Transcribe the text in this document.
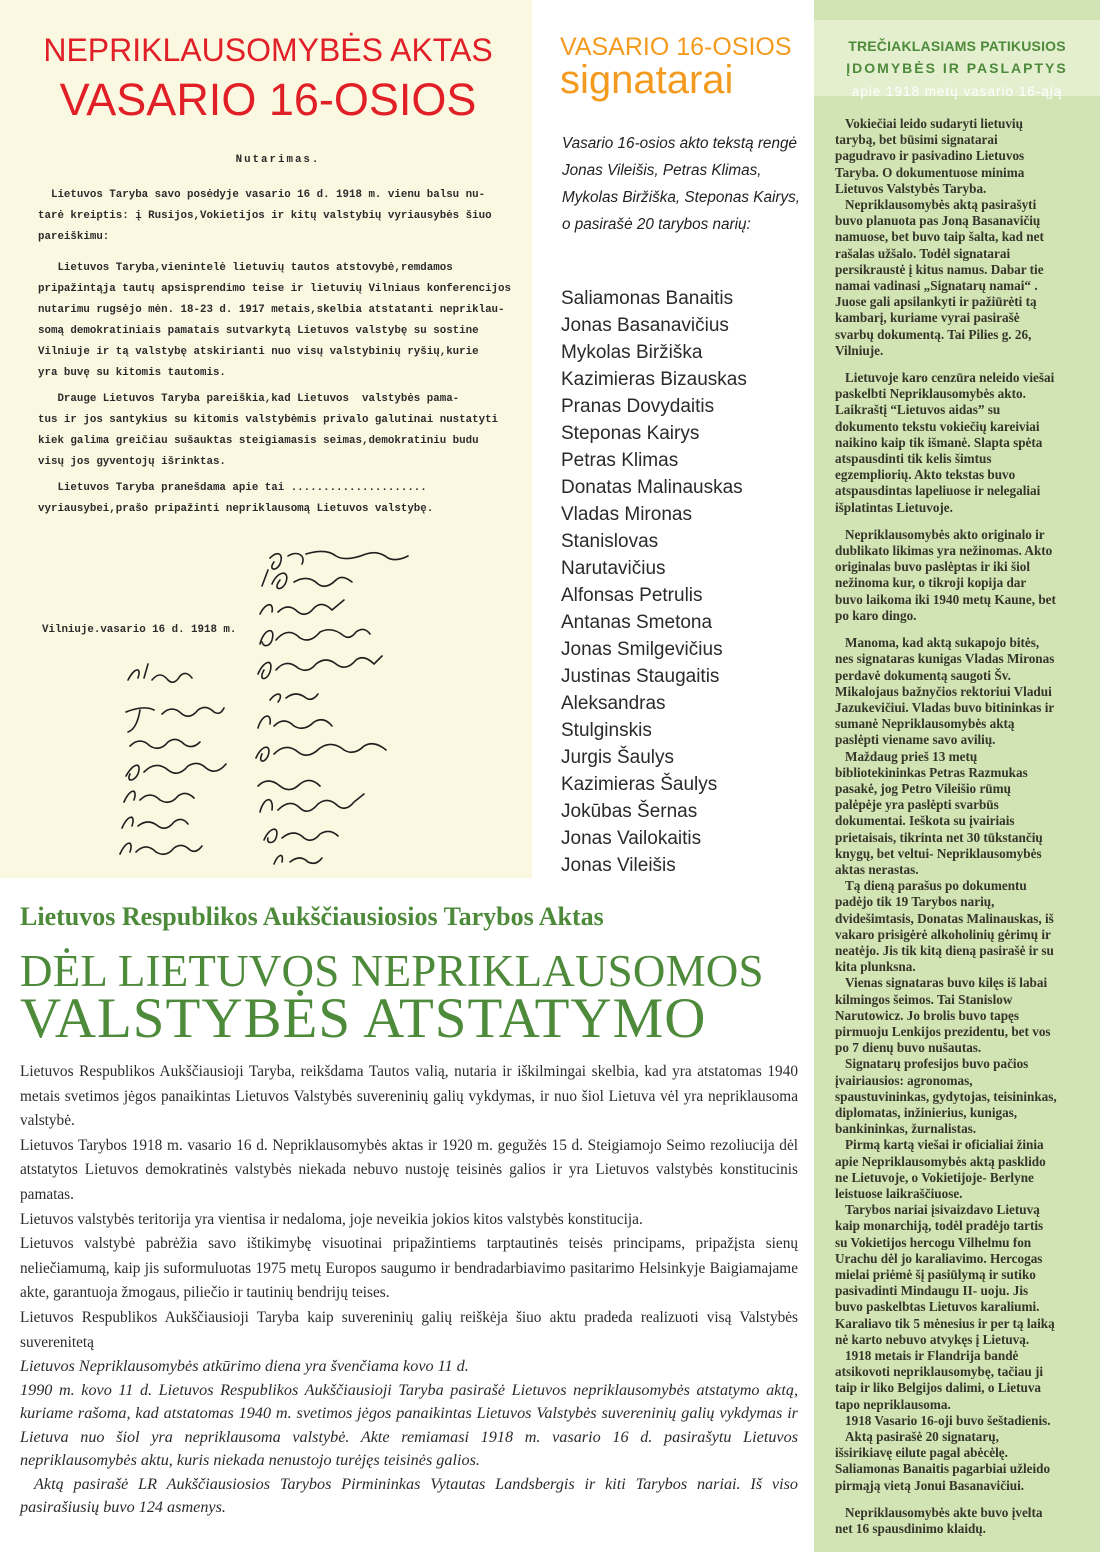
NEPRIKLAUSOMYBĖS AKTAS
VASARIO 16-OSIOS

Nutarimas.

Lietuvos Taryba savo posėdyje vasario 16 d. 1918 m. vienu balsu nu-

tarė kreiptis: į Rusijos,Vokietijos ir kitų valstybių vyriausybės šiuo

pareiškimu:

Lietuvos Taryba,vienintelė lietuvių tautos atstovybė,remdamos

pripažintąja tautų apsisprendimo teise ir lietuvių Vilniaus konferencijos

nutarimu rugsėjo mėn. 18-23 d. 1917 metais,skelbia atstatanti nepriklau-

somą demokratiniais pamatais sutvarkytą Lietuvos valstybę su sostine

Vilniuje ir tą valstybę atskirianti nuo visų valstybinių ryšių,kurie

yra buvę su kitomis tautomis.

Drauge Lietuvos Taryba pareiškia,kad Lietuvos  valstybės pama-

tus ir jos santykius su kitomis valstybėmis privalo galutinai nustatyti

kiek galima greičiau sušauktas steigiamasis seimas,demokratiniu budu

visų jos gyventojų išrinktas.

Lietuvos Taryba pranešdama apie tai .....................

vyriausybei,prašo pripažinti nepriklausomą Lietuvos valstybę.

Vilniuje.vasario 16 d. 1918 m.
VASARIO 16-OSIOS
signatarai
Vasario 16-osios akto tekstą rengė Jonas Vileišis, Petras Klimas, Mykolas Biržiška, Steponas Kairys, o pasirašė 20 tarybos narių:
Saliamonas Banaitis
Jonas Basanavičius
Mykolas Biržiška
Kazimieras Bizauskas
Pranas Dovydaitis
Steponas Kairys
Petras Klimas
Donatas Malinauskas
Vladas Mironas
Stanislovas
Narutavičius
Alfonsas Petrulis
Antanas Smetona
Jonas Smilgevičius
Justinas Staugaitis
Aleksandras
Stulginskis
Jurgis Šaulys
Kazimieras Šaulys
Jokūbas Šernas
Jonas Vailokaitis
Jonas Vileišis
TREČIAKLASIAMS PATIKUSIOS
ĮDOMYBĖS IR PASLAPTYS
apie 1918 metų vasario 16-ąją

Vokiečiai leido sudaryti lietuvių tarybą, bet būsimi signatarai pagudravo ir pasivadino Lietuvos Taryba. O dokumentuose minima Lietuvos Valstybės Taryba.

Nepriklausomybės aktą pasirašyti buvo planuota pas Joną Basanavičių namuose, bet buvo taip šalta, kad net rašalas užšalo. Todėl signatarai persikraustė į kitus namus. Dabar tie namai vadinasi „Signatarų namai“ . Juose gali apsilankyti ir pažiūrėti tą kambarį, kuriame vyrai pasirašė svarbų dokumentą. Tai Pilies g. 26, Vilniuje.

Lietuvoje karo cenzūra neleido viešai paskelbti Nepriklausomybės akto. Laikraštį “Lietuvos aidas” su dokumento tekstu vokiečių kareiviai naikino kaip tik išmanė. Slapta spėta atspausdinti tik kelis šimtus egzempliorių. Akto tekstas buvo atspausdintas lapeliuose ir nelegaliai išplatintas Lietuvoje.

Nepriklausomybės akto originalo ir dublikato likimas yra nežinomas. Akto originalas buvo paslėptas ir iki šiol nežinoma kur, o tikroji kopija dar buvo laikoma iki 1940 metų Kaune, bet po karo dingo.

Manoma, kad aktą sukapojo bitės, nes signataras kunigas Vladas Mironas perdavė dokumentą saugoti Šv. Mikalojaus bažnyčios rektoriui Vladui Jazukevičiui. Vladas buvo bitininkas ir sumanė Nepriklausomybės aktą paslėpti viename savo avilių.

Maždaug prieš 13 metų bibliotekininkas Petras Razmukas pasakė, jog Petro Vileišio rūmų palėpėje yra paslėpti svarbūs dokumentai. Ieškota su įvairiais prietaisais, tikrinta net 30 tūkstančių knygų, bet veltui- Nepriklausomybės aktas nerastas.

Tą dieną parašus po dokumentu padėjo tik 19 Tarybos narių, dvidešimtasis, Donatas Malinauskas, iš vakaro prisigėrė alkoholinių gėrimų ir neatėjo. Jis tik kitą dieną pasirašė ir su kita plunksna.

Vienas signataras buvo kilęs iš labai kilmingos šeimos. Tai Stanislow Narutowicz. Jo brolis buvo tapęs pirmuoju Lenkijos prezidentu, bet vos po 7 dienų buvo nušautas.

Signatarų profesijos buvo pačios įvairiausios: agronomas, spaustuvininkas, gydytojas, teisininkas, diplomatas, inžinierius, kunigas, bankininkas, žurnalistas.

Pirmą kartą viešai ir oficialiai žinia apie Nepriklausomybės aktą pasklido ne Lietuvoje, o Vokietijoje- Berlyne leistuose laikraščiuose.

Tarybos nariai įsivaizdavo Lietuvą kaip monarchiją, todėl pradėjo tartis su Vokietijos hercogu Vilhelmu fon Urachu dėl jo karaliavimo. Hercogas mielai priėmė šį pasiūlymą ir sutiko pasivadinti Mindaugu II- uoju. Jis buvo paskelbtas Lietuvos karaliumi. Karaliavo tik 5 mėnesius ir per tą laiką nė karto nebuvo atvykęs į Lietuvą.

1918 metais ir Flandrija bandė atsikovoti nepriklausomybę, tačiau ji taip ir liko Belgijos dalimi, o Lietuva tapo nepriklausoma.

1918 Vasario 16-oji buvo šeštadienis.

Aktą pasirašė 20 signatarų, išsirikiavę eilute pagal abėcėlę. Saliamonas Banaitis pagarbiai užleido pirmąją vietą Jonui Basanavičiui.

Nepriklausomybės akte buvo įvelta net 16 spausdinimo klaidų.

Lietuvos Respublikos Aukščiausiosios Tarybos Aktas
DĖL LIETUVOS NEPRIKLAUSOMOS
VALSTYBĖS ATSTATYMO

Lietuvos Respublikos Aukščiausioji Taryba, reikšdama Tautos valią, nutaria ir iškilmingai skelbia, kad yra atstatomas 1940 metais svetimos jėgos panaikintas Lietuvos Valstybės suvereninių galių vykdymas, ir nuo šiol Lietuva vėl yra nepriklausoma valstybė.

Lietuvos Tarybos 1918 m. vasario 16 d. Nepriklausomybės aktas ir 1920 m. gegužės 15 d. Steigiamojo Seimo rezoliucija dėl atstatytos Lietuvos demokratinės valstybės niekada nebuvo nustoję teisinės galios ir yra Lietuvos valstybės konstitucinis pamatas.

Lietuvos valstybės teritorija yra vientisa ir nedaloma, joje neveikia jokios kitos valstybės konstitucija.

Lietuvos valstybė pabrėžia savo ištikimybę visuotinai pripažintiems tarptautinės teisės principams, pripažįsta sienų neliečiamumą, kaip jis suformuluotas 1975 metų Europos saugumo ir bendradarbiavimo pasitarimo Helsinkyje Baigiamajame akte, garantuoja žmogaus, piliečio ir tautinių bendrijų teises.

Lietuvos Respublikos Aukščiausioji Taryba kaip suvereninių galių reiškėja šiuo aktu pradeda realizuoti visą Valstybės suverenitetą

Lietuvos Nepriklausomybės atkūrimo diena yra švenčiama kovo 11 d.

1990 m. kovo 11 d. Lietuvos Respublikos Aukščiausioji Taryba pasirašė Lietuvos nepriklausomybės atstatymo aktą, kuriame rašoma, kad atstatomas 1940 m. svetimos jėgos panaikintas Lietuvos Valstybės suvereninių galių vykdymas ir Lietuva nuo šiol yra nepriklausoma valstybė. Akte remiamasi 1918 m. vasario 16 d. pasirašytu Lietuvos nepriklausomybės aktu, kuris niekada nenustojo turėjęs teisinės galios.

Aktą pasirašė LR Aukščiausiosios Tarybos Pirmininkas Vytautas Landsbergis ir kiti Tarybos nariai. Iš viso pasirašiusių buvo 124 asmenys.
